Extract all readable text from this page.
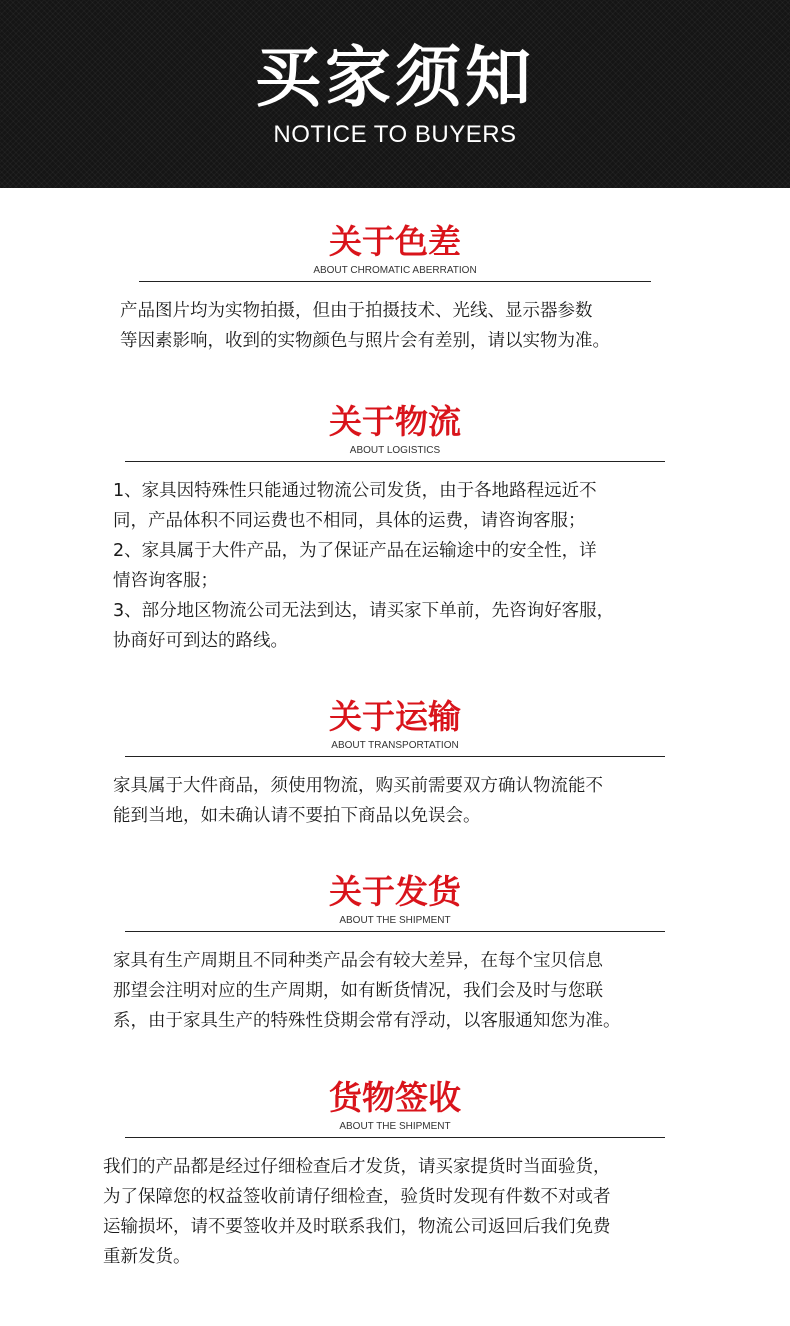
买家须知
NOTICE TO BUYERS
关于色差
ABOUT CHROMATIC ABERRATION

产品图片均为实物拍摄，但由于拍摄技术、光线、显示器参数

等因素影响，收到的实物颜色与照片会有差别，请以实物为准。

关于物流
ABOUT LOGISTICS

1、家具因特殊性只能通过物流公司发货，由于各地路程远近不

同，产品体积不同运费也不相同，具体的运费，请咨询客服；

2、家具属于大件产品，为了保证产品在运输途中的安全性，详

情咨询客服；

3、部分地区物流公司无法到达，请买家下单前，先咨询好客服，

协商好可到达的路线。

关于运输
ABOUT TRANSPORTATION

家具属于大件商品，须使用物流，购买前需要双方确认物流能不

能到当地，如未确认请不要拍下商品以免误会。

关于发货
ABOUT THE SHIPMENT

家具有生产周期且不同种类产品会有较大差异，在每个宝贝信息

那望会注明对应的生产周期，如有断货情况，我们会及时与您联

系，由于家具生产的特殊性贷期会常有浮动，以客服通知您为准。

货物签收
ABOUT THE SHIPMENT

我们的产品都是经过仔细检查后才发货，请买家提货时当面验货，

为了保障您的权益签收前请仔细检查，验货时发现有件数不对或者

运输损坏，请不要签收并及时联系我们，物流公司返回后我们免费

重新发货。
